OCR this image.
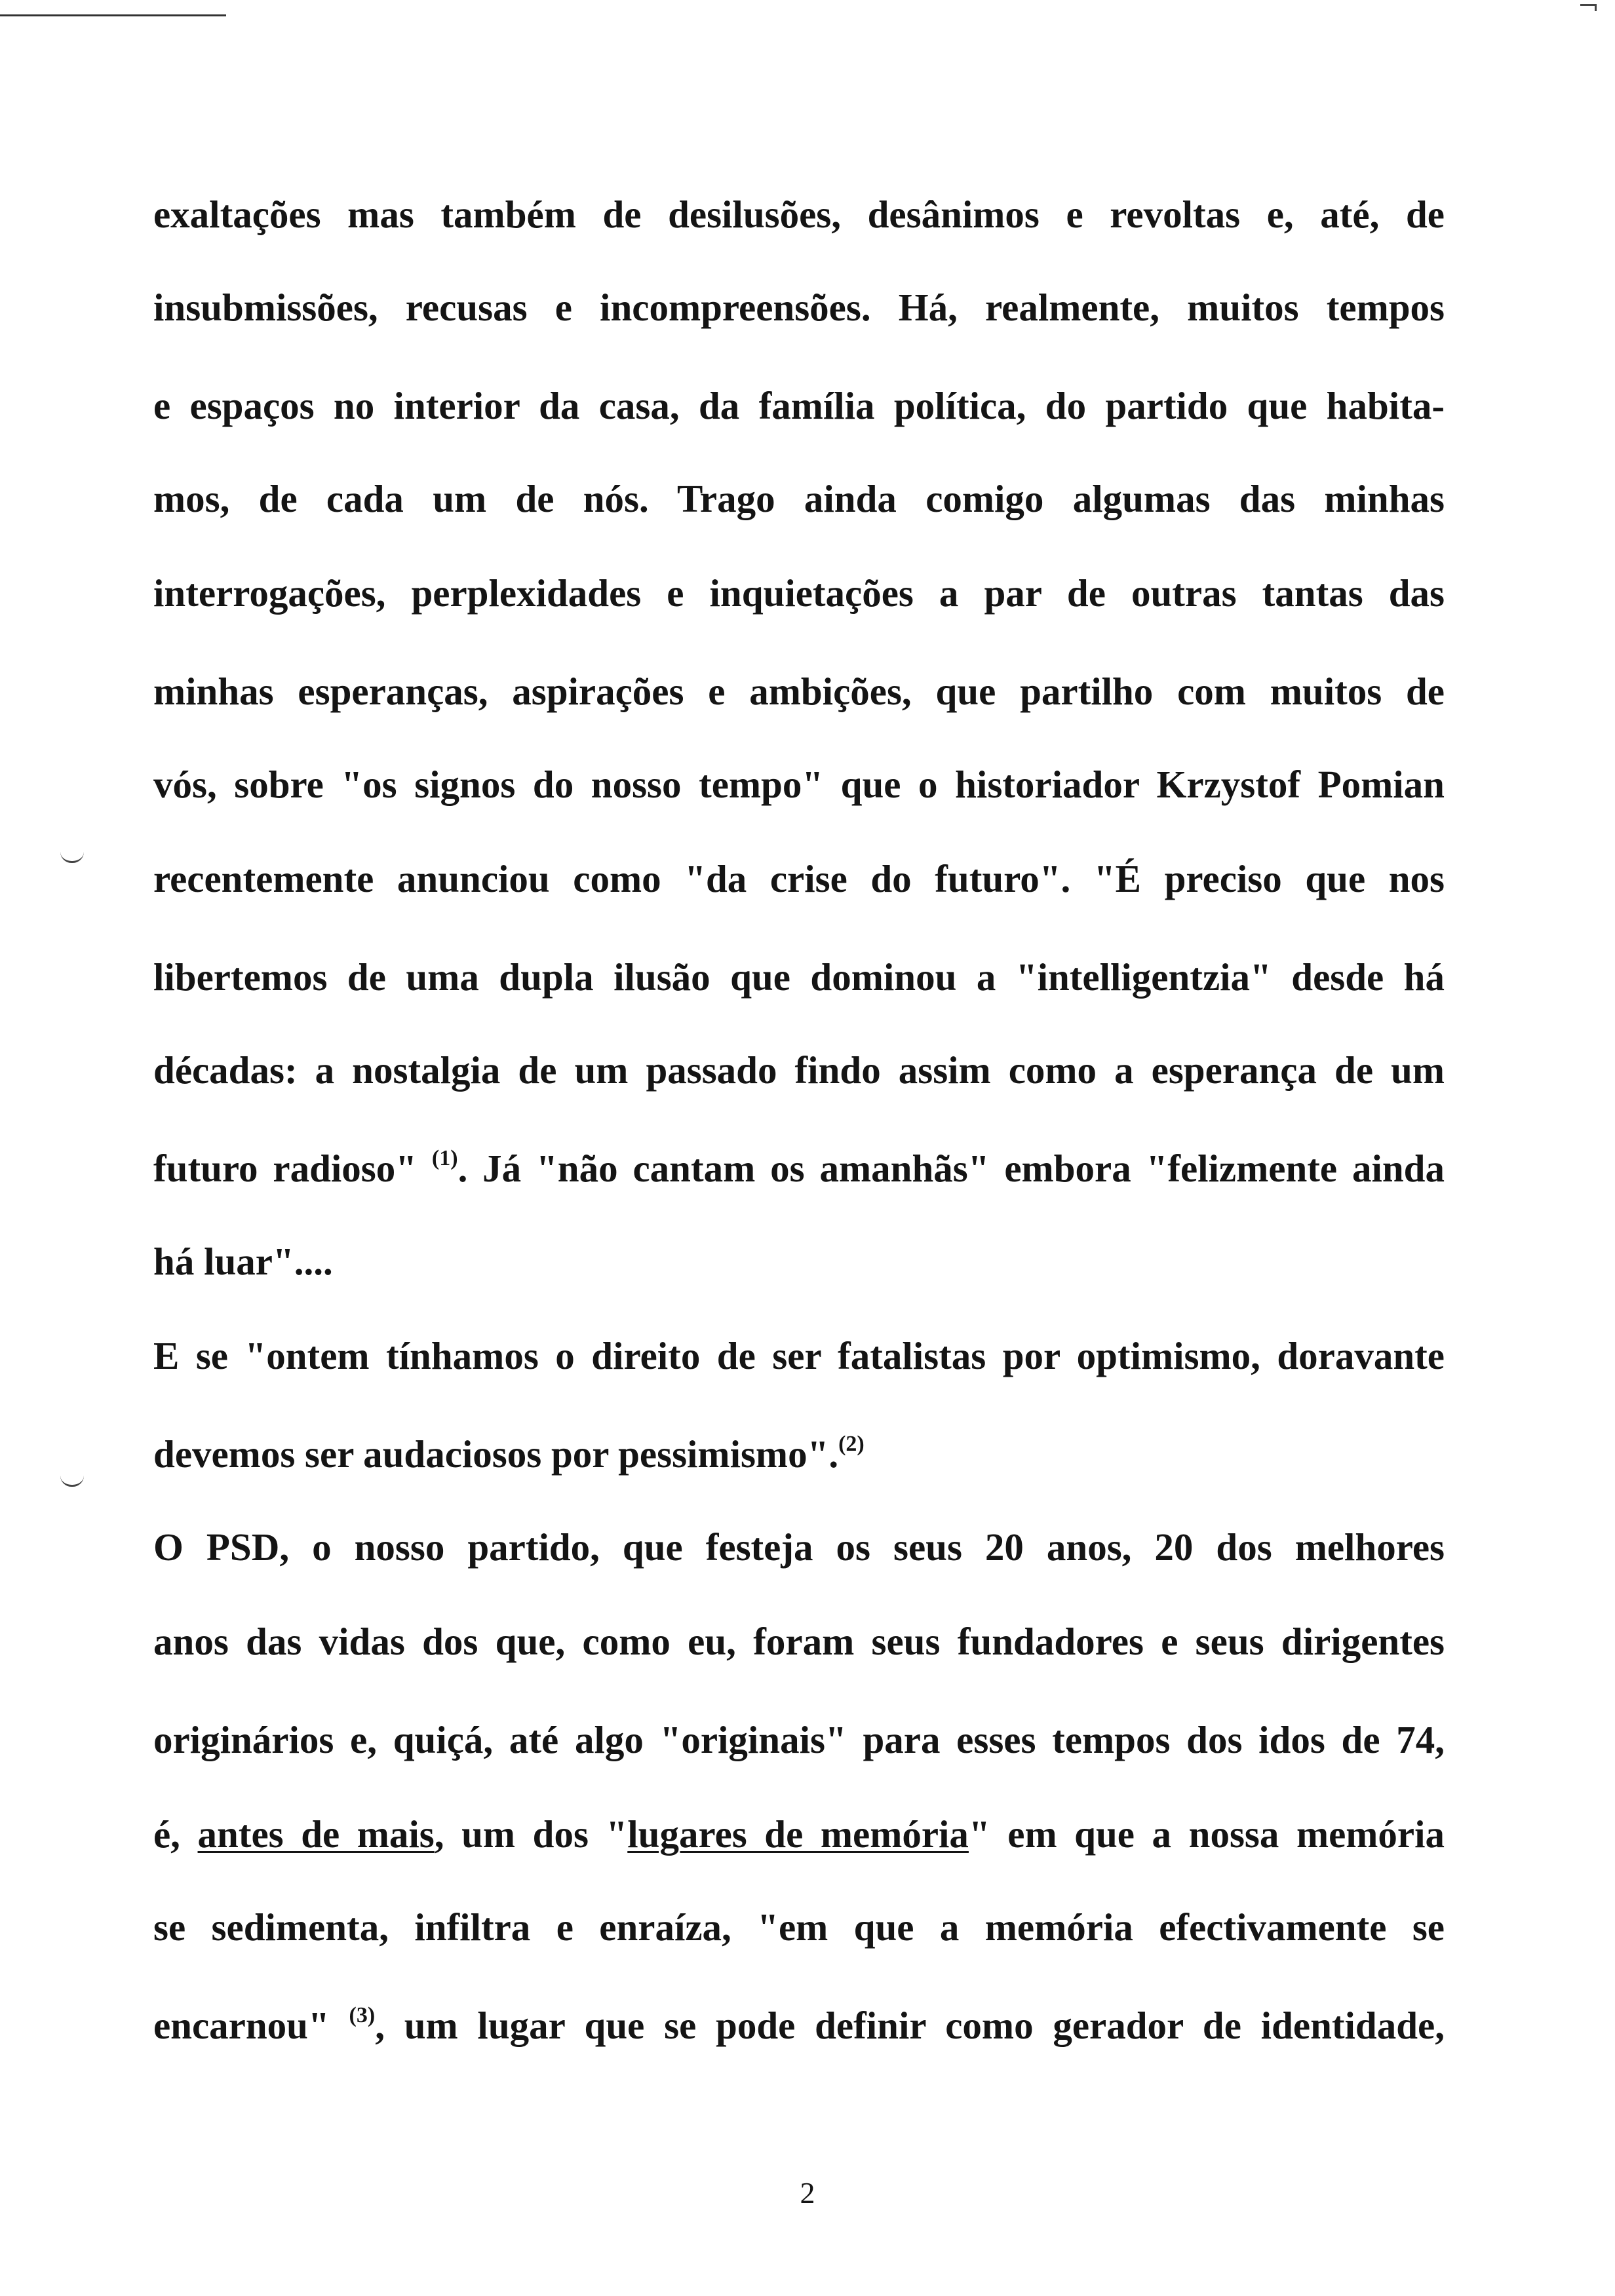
exaltações mas também de desilusões, desânimos e revoltas e, até, de
insubmissões, recusas e incompreensões. Há, realmente, muitos tempos
e espaços no interior da casa, da família política, do partido que habita-
mos, de cada um de nós. Trago ainda comigo algumas das minhas
interrogações, perplexidades e inquietações a par de outras tantas das
minhas esperanças, aspirações e ambições, que partilho com muitos de
vós, sobre "os signos do nosso tempo" que o historiador Krzystof Pomian
recentemente anunciou como "da crise do futuro". "É preciso que nos
libertemos de uma dupla ilusão que dominou a "intelligentzia" desde há
décadas: a nostalgia de um passado findo assim como a esperança de um
futuro radioso" $^{(1)}$. Já "não cantam os amanhãs" embora "felizmente ainda
há luar"....
E se "ontem tínhamos o direito de ser fatalistas por optimismo, doravante
devemos ser audaciosos por pessimismo".$^{(2)}$
O PSD, o nosso partido, que festeja os seus 20 anos, 20 dos melhores
anos das vidas dos que, como eu, foram seus fundadores e seus dirigentes
originários e, quiçá, até algo "originais" para esses tempos dos idos de 74,
é, antes de mais, um dos "lugares de memória" em que a nossa memória
se sedimenta, infiltra e enraíza, "em que a memória efectivamente se
encarnou" $^{(3)}$, um lugar que se pode definir como gerador de identidade,
2
